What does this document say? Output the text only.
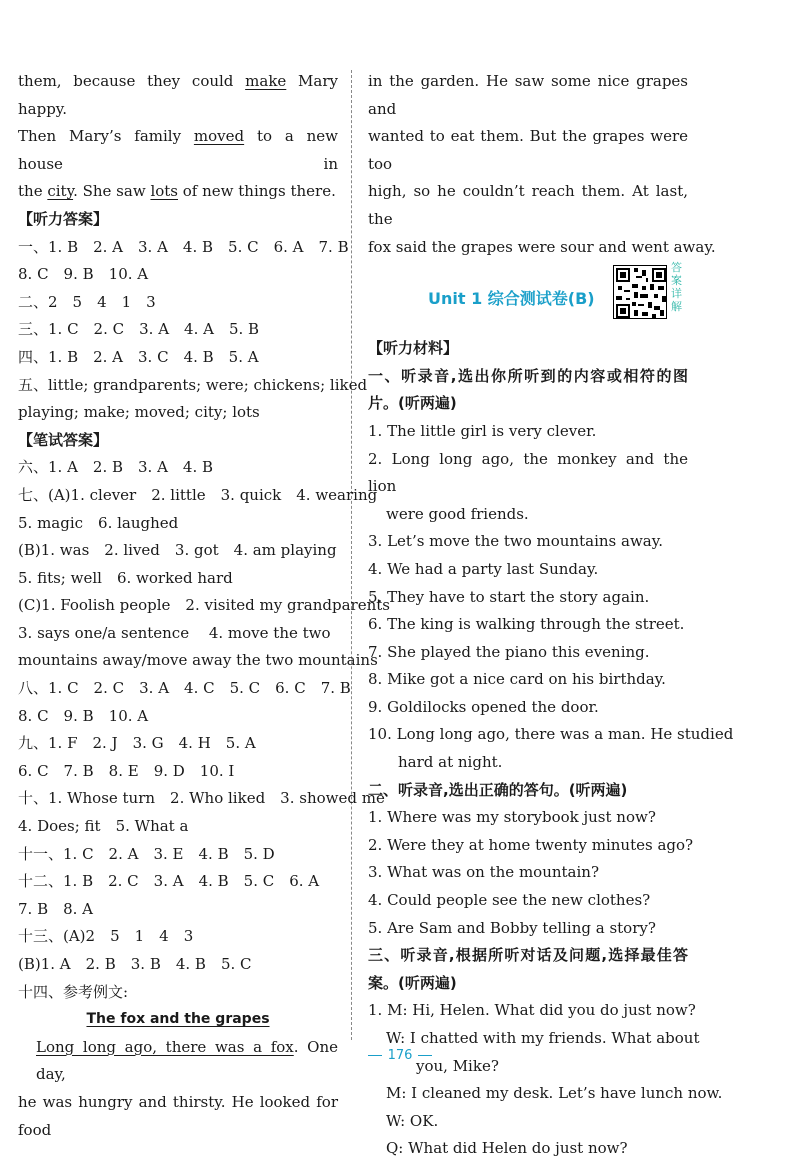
them, because they could make Mary happy.
Then Mary’s family moved to a new house in
the city. She saw lots of new things there.
【听力答案】
一、1. B　2. A　3. A　4. B　5. C　6. A　7. B
8. C　9. B　10. A
二、2　5　4　1　3
三、1. C　2. C　3. A　4. A　5. B
四、1. B　2. A　3. C　4. B　5. A
五、little; grandparents; were; chickens; liked
playing; make; moved; city; lots
【笔试答案】
六、1. A　2. B　3. A　4. B
七、(A)1. clever　2. little　3. quick　4. wearing
5. magic　6. laughed
(B)1. was　2. lived　3. got　4. am playing
5. fits; well　6. worked hard
(C)1. Foolish people　2. visited my grandparents
3. says one/a sentence　 4. move the two
mountains away/move away the two mountains
八、1. C　2. C　3. A　4. C　5. C　6. C　7. B
8. C　9. B　10. A
九、1. F　2. J　3. G　4. H　5. A
6. C　7. B　8. E　9. D　10. I
十、1. Whose turn　2. Who liked　3. showed me
4. Does; fit　5. What a
十一、1. C　2. A　3. E　4. B　5. D
十二、1. B　2. C　3. A　4. B　5. C　6. A
7. B　8. A
十三、(A)2　5　1　4　3
(B)1. A　2. B　3. B　4. B　5. C
十四、参考例文:
The fox and the grapes
Long long ago, there was a fox. One day,
he was hungry and thirsty. He looked for food
in the garden. He saw some nice grapes and
wanted to eat them. But the grapes were too
high, so he couldn’t reach them. At last, the
fox said the grapes were sour and went away.
Unit 1 综合测试卷(B)
答案详解
【听力材料】
一、听录音,选出你所听到的内容或相符的图
片。(听两遍)
1. The little girl is very clever.
2. Long long ago, the monkey and the lion
were good friends.
3. Let’s move the two mountains away.
4. We had a party last Sunday.
5. They have to start the story again.
6. The king is walking through the street.
7. She played the piano this evening.
8. Mike got a nice card on his birthday.
9. Goldilocks opened the door.
10. Long long ago, there was a man. He studied
hard at night.
二、听录音,选出正确的答句。(听两遍)
1. Where was my storybook just now?
2. Were they at home twenty minutes ago?
3. What was on the mountain?
4. Could people see the new clothes?
5. Are Sam and Bobby telling a story?
三、听录音,根据所听对话及问题,选择最佳答
案。(听两遍)
1. M: Hi, Helen. What did you do just now?
W: I chatted with my friends. What about
you, Mike?
M: I cleaned my desk. Let’s have lunch now.
W: OK.
Q: What did Helen do just now?
176
